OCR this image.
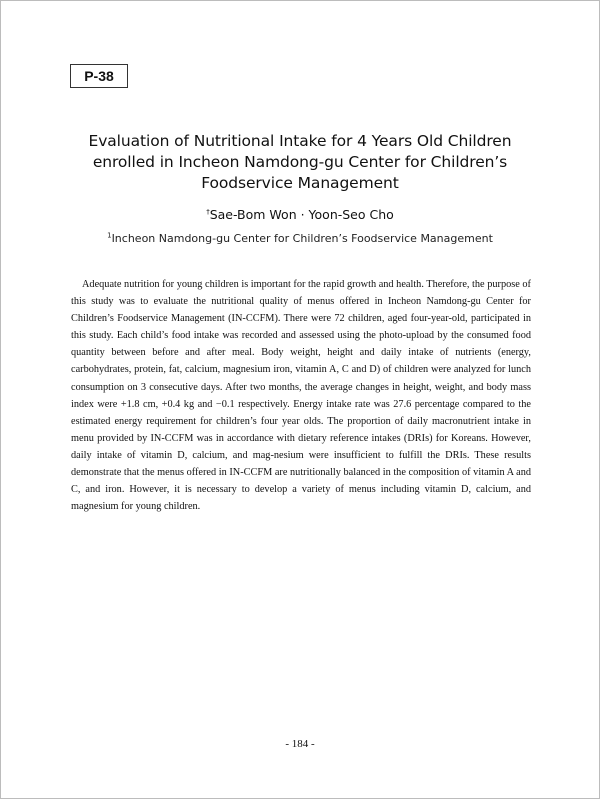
P-38
Evaluation of Nutritional Intake for 4 Years Old Children
enrolled in Incheon Namdong-gu Center for Children’s
Foodservice Management
†Sae-Bom Won · Yoon-Seo Cho
$^1$Incheon Namdong-gu Center for Children’s Foodservice Management

Adequate nutrition for young children is important for the rapid growth and health. Therefore, the purpose of this study was to evaluate the nutritional quality of menus offered in Incheon Namdong-gu Center for Children’s Foodservice Management (IN-CCFM). There were 72 children, aged four-year-old, participated in this study. Each child’s food intake was recorded and assessed using the photo-upload by the consumed food quantity between before and after meal. Body weight, height and daily intake of nutrients (energy, carbohydrates, protein, fat, calcium, magnesium iron, vitamin A, C and D) of children were analyzed for lunch consumption on 3 consecutive days. After two months, the average changes in height, weight, and body mass index were +1.8 cm, +0.4 kg and −0.1 respectively. Energy intake rate was 27.6 percentage compared to the estimated energy requirement for children’s four year olds. The proportion of daily macronutrient intake in menu provided by IN-CCFM was in accordance with dietary reference intakes (DRIs) for Koreans. However, daily intake of vitamin D, calcium, and mag-nesium were insufficient to fulfill the DRIs. These results demonstrate that the menus offered in IN-CCFM are nutritionally balanced in the composition of vitamin A and C, and iron. However, it is necessary to develop a variety of menus including vitamin D, calcium, and magnesium for young children.

- 184 -
